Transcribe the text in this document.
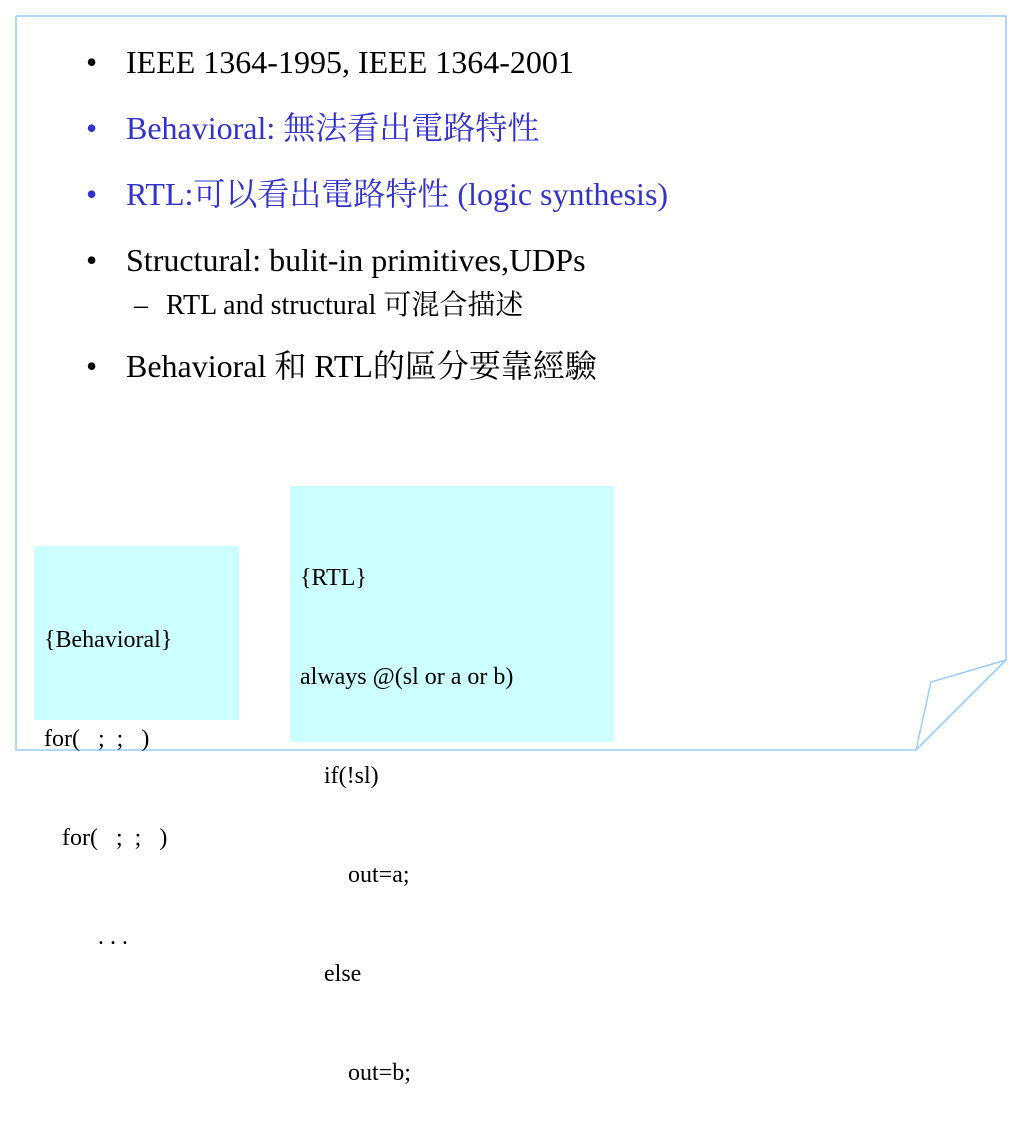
• IEEE 1364-1995, IEEE 1364-2001
• Behavioral: 無法看出電路特性
• RTL:可以看出電路特性 (logic synthesis)
• Structural: bulit-in primitives,UDPs
– RTL and structural 可混合描述
• Behavioral 和 RTL的區分要靠經驗

{Behavioral}

for(   ;  ;   )

for(   ;  ;   )

. . .

{RTL}

always @(sl or a or b)

if(!sl)

out=a;

else

out=b;
